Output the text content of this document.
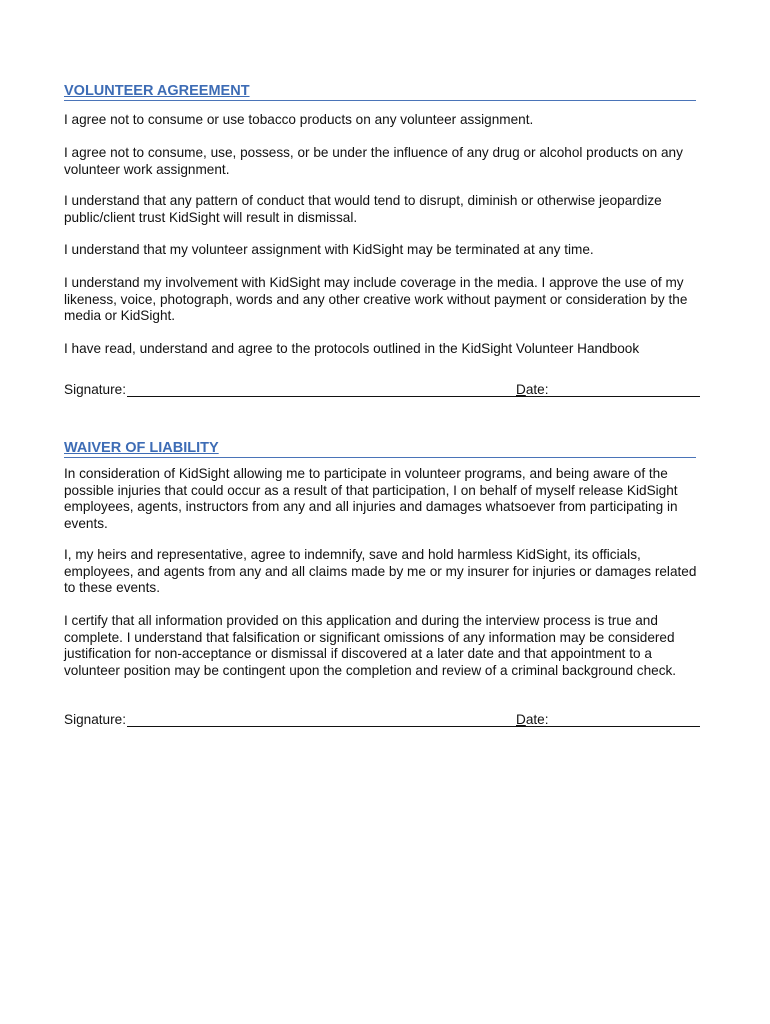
VOLUNTEER AGREEMENT

I agree not to consume or use tobacco products on any volunteer assignment.

I agree not to consume, use, possess, or be under the influence of any drug or alcohol products on any volunteer work assignment.

I understand that any pattern of conduct that would tend to disrupt, diminish or otherwise jeopardize public/client trust KidSight will result in dismissal.

I understand that my volunteer assignment with KidSight may be terminated at any time.

I understand my involvement with KidSight may include coverage in the media. I approve the use of my likeness, voice, photograph, words and any other creative work without payment or consideration by the media or KidSight.

I have read, understand and agree to the protocols outlined in the KidSight Volunteer Handbook

Signature:	Date:
WAIVER OF LIABILITY

In consideration of KidSight allowing me to participate in volunteer programs, and being aware of the possible injuries that could occur as a result of that participation, I on behalf of myself release KidSight employees, agents, instructors from any and all injuries and damages whatsoever from participating in events.

I, my heirs and representative, agree to indemnify, save and hold harmless KidSight, its officials, employees, and agents from any and all claims made by me or my insurer for injuries or damages related to these events.

I certify that all information provided on this application and during the interview process is true and complete. I understand that falsification or significant omissions of any information may be considered justification for non-acceptance or dismissal if discovered at a later date and that appointment to a volunteer position may be contingent upon the completion and review of a criminal background check.

Signature:	Date:
